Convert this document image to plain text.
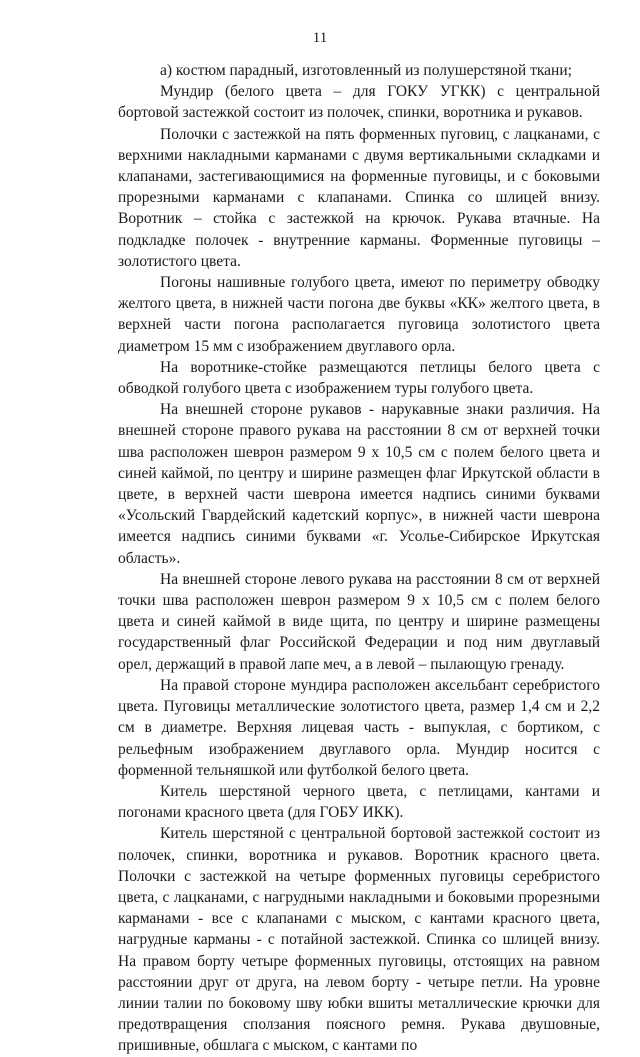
11

а) костюм парадный, изготовленный из полушерстяной ткани;

Мундир (белого цвета – для ГОКУ УГКК) с центральной бортовой застежкой состоит из полочек, спинки, воротника и рукавов.

Полочки с застежкой на пять форменных пуговиц, с лацканами, с верхними накладными карманами с двумя вертикальными складками и клапанами, застегивающимися на форменные пуговицы, и с боковыми прорезными карманами с клапанами. Спинка со шлицей внизу. Воротник – стойка с застежкой на крючок. Рукава втачные. На подкладке полочек - внутренние карманы. Форменные пуговицы – золотистого цвета.

Погоны нашивные голубого цвета, имеют по периметру обводку желтого цвета, в нижней части погона две буквы «КК» желтого цвета, в верхней части погона располагается пуговица золотистого цвета диаметром 15 мм с изображением двуглавого орла.

На воротнике-стойке размещаются петлицы белого цвета с обводкой голубого цвета с изображением туры голубого цвета.

На внешней стороне рукавов - нарукавные знаки различия. На внешней стороне правого рукава на расстоянии 8 см от верхней точки шва расположен шеврон размером 9 х 10,5 см с полем белого цвета и синей каймой, по центру и ширине размещен флаг Иркутской области в цвете, в верхней части шеврона имеется надпись синими буквами «Усольский Гвардейский кадетский корпус», в нижней части шеврона имеется надпись синими буквами «г. Усолье-Сибирское Иркутская область».

На внешней стороне левого рукава на расстоянии 8 см от верхней точки шва расположен шеврон размером 9 х 10,5 см с полем белого цвета и синей каймой в виде щита, по центру и ширине размещены государственный флаг Российской Федерации и под ним двуглавый орел, держащий в правой лапе меч, а в левой – пылающую гренаду.

На правой стороне мундира расположен аксельбант серебристого цвета. Пуговицы металлические золотистого цвета, размер 1,4 см и 2,2 см в диаметре. Верхняя лицевая часть - выпуклая, с бортиком, с рельефным изображением двуглавого орла. Мундир носится с форменной тельняшкой или футболкой белого цвета.

Китель шерстяной черного цвета, с петлицами, кантами и погонами красного цвета (для ГОБУ ИКК).

Китель шерстяной с центральной бортовой застежкой состоит из полочек, спинки, воротника и рукавов. Воротник красного цвета. Полочки с застежкой на четыре форменных пуговицы серебристого цвета, с лацканами, с нагрудными накладными и боковыми прорезными карманами - все с клапанами с мыском, с кантами красного цвета, нагрудные карманы - с потайной застежкой. Спинка со шлицей внизу. На правом борту четыре форменных пуговицы, отстоящих на равном расстоянии друг от друга, на левом борту - четыре петли. На уровне линии талии по боковому шву юбки вшиты металлические крючки для предотвращения сползания поясного ремня. Рукава двушовные, пришивные, обшлага с мыском, с кантами по
